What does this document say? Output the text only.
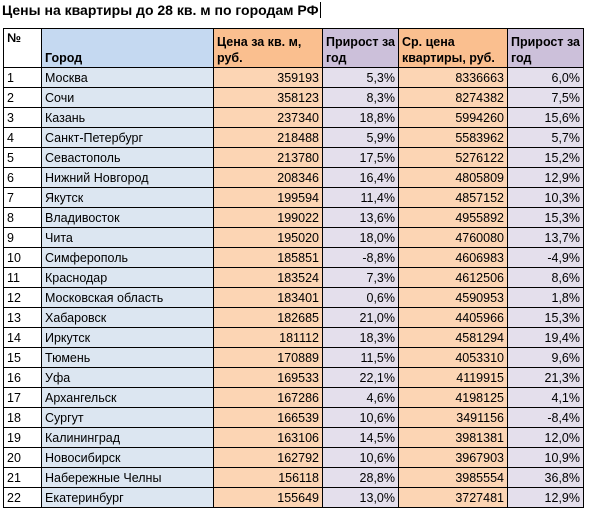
Цены на квартиры до 28 кв. м по городам РФ
№	Город	Цена за кв. м, руб.	Прирост за год	Ср. цена квартиры, руб.	Прирост за год
1	Москва	359193	5,3%	8336663	6,0%
2	Сочи	358123	8,3%	8274382	7,5%
3	Казань	237340	18,8%	5994260	15,6%
4	Санкт-Петербург	218488	5,9%	5583962	5,7%
5	Севастополь	213780	17,5%	5276122	15,2%
6	Нижний Новгород	208346	16,4%	4805809	12,9%
7	Якутск	199594	11,4%	4857152	10,3%
8	Владивосток	199022	13,6%	4955892	15,3%
9	Чита	195020	18,0%	4760080	13,7%
10	Симферополь	185851	-8,8%	4606983	-4,9%
11	Краснодар	183524	7,3%	4612506	8,6%
12	Московская область	183401	0,6%	4590953	1,8%
13	Хабаровск	182685	21,0%	4405966	15,3%
14	Иркутск	181112	18,3%	4581294	19,4%
15	Тюмень	170889	11,5%	4053310	9,6%
16	Уфа	169533	22,1%	4119915	21,3%
17	Архангельск	167286	4,6%	4198125	4,1%
18	Сургут	166539	10,6%	3491156	-8,4%
19	Калининград	163106	14,5%	3981381	12,0%
20	Новосибирск	162792	10,6%	3967903	10,9%
21	Набережные Челны	156118	28,8%	3985554	36,8%
22	Екатеринбург	155649	13,0%	3727481	12,9%
